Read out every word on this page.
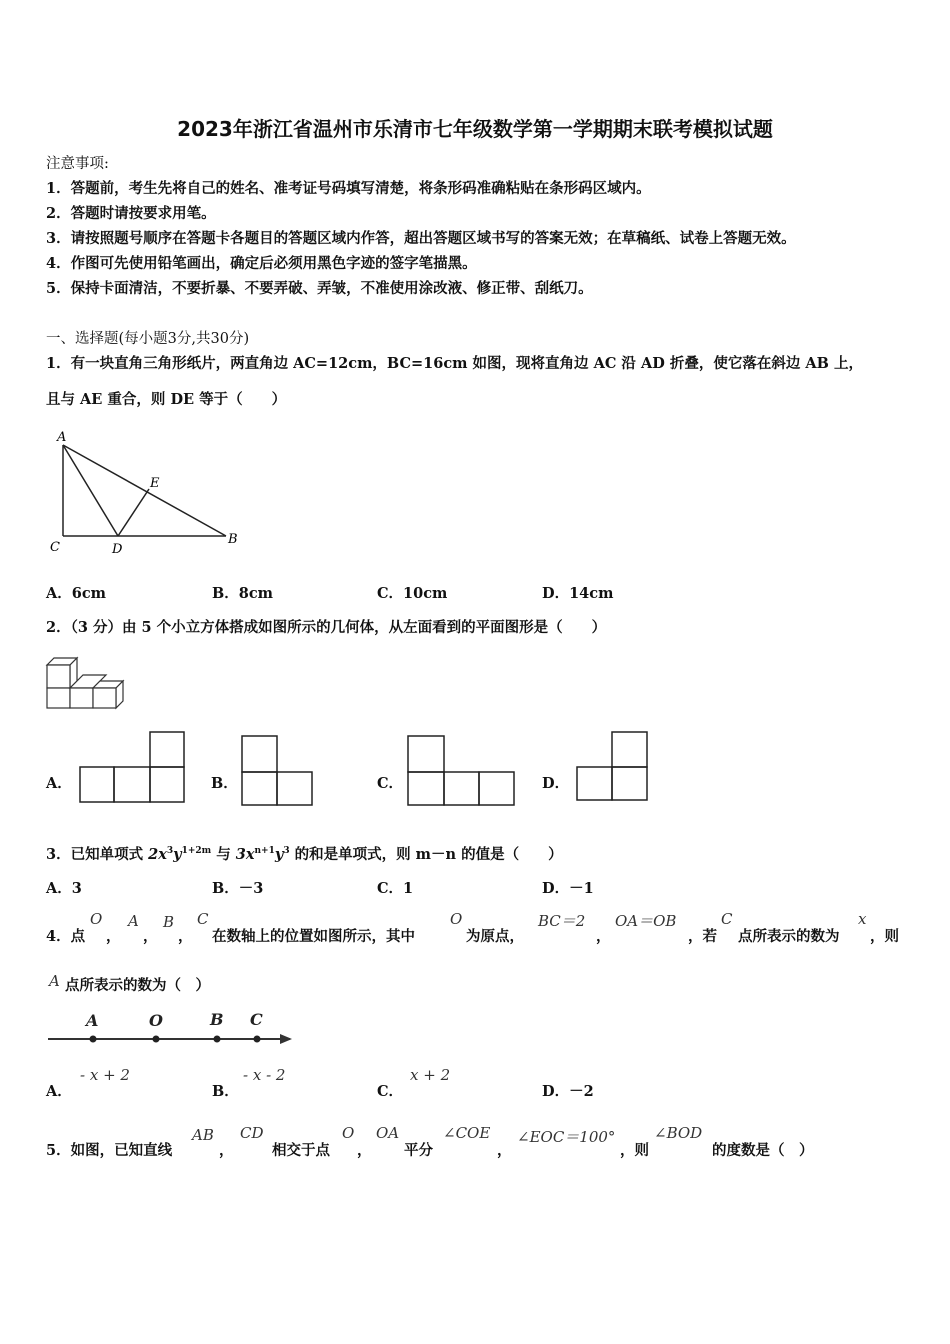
2023年浙江省温州市乐清市七年级数学第一学期期末联考模拟试题
注意事项:
1．答题前，考生先将自己的姓名、准考证号码填写清楚，将条形码准确粘贴在条形码区域内。
2．答题时请按要求用笔。
3．请按照题号顺序在答题卡各题目的答题区域内作答，超出答题区域书写的答案无效；在草稿纸、试卷上答题无效。
4．作图可先使用铅笔画出，确定后必须用黑色字迹的签字笔描黑。
5．保持卡面清洁，不要折暴、不要弄破、弄皱，不准使用涂改液、修正带、刮纸刀。
一、选择题(每小题3分,共30分)
1．有一块直角三角形纸片，两直角边 AC=12cm，BC=16cm 如图，现将直角边 AC 沿 AD 折叠，使它落在斜边 AB 上，
且与 AE 重合，则 DE 等于（　　）
A
E
C	D
B
A．6cm	B．8cm	C．10cm	D．14cm
2．（3 分）由 5 个小立方体搭成如图所示的几何体，从左面看到的平面图形是（　　）
A．	B．	C．	D．
3．已知单项式 $2x^3y^{1+2m}$ 与 $3x^{n+1}y^3$ 的和是单项式，则 m－n 的值是（　　）
A．3	B．－3	C．1	D．－1
4．点
O
，
A
，
B
，
C
在数轴上的位置如图所示，其中
O
为原点，
BC＝2
，
OA＝OB
，若
C
点所表示的数为
x
，则
A 点所表示的数为（　）
A	O	B C
A．
- x + 2
B．
- x - 2
C．
x + 2
D．－2
5．如图，已知直线
AB
，
CD
相交于点
O
，
OA
平分
∠COE
，
∠EOC＝100°
，则
∠BOD
的度数是（　）
